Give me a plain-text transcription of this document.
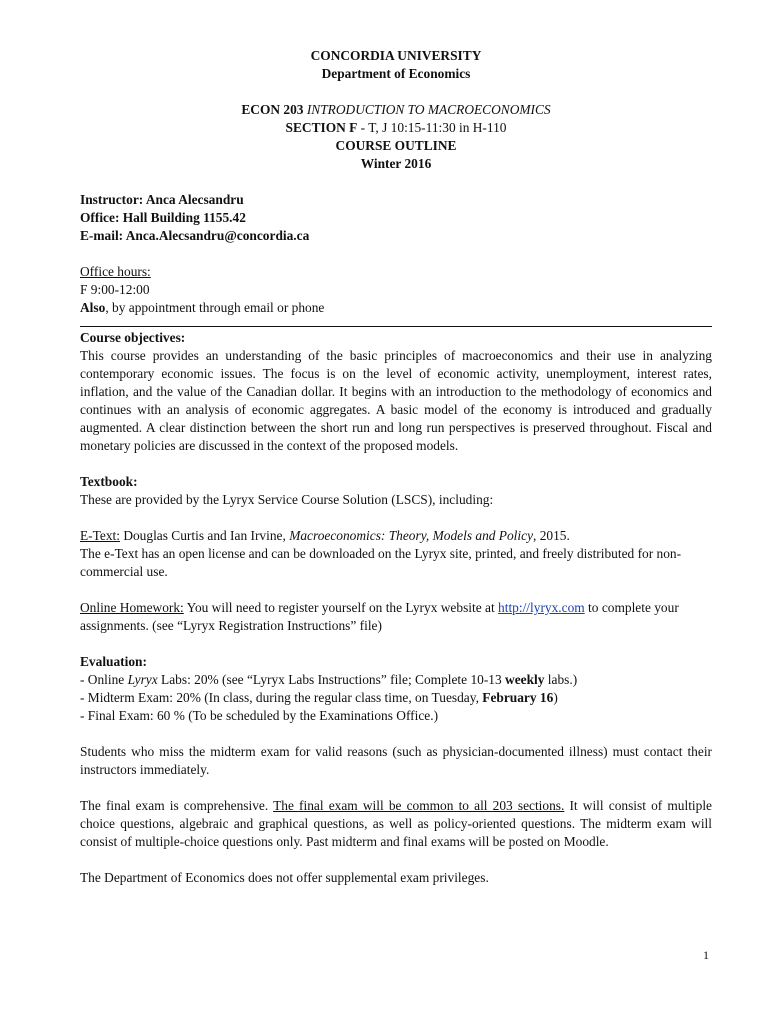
CONCORDIA UNIVERSITY
Department of Economics
ECON 203 INTRODUCTION TO MACROECONOMICS
SECTION F - T, J 10:15-11:30 in H-110
COURSE OUTLINE
Winter 2016
Instructor: Anca Alecsandru
Office: Hall Building 1155.42
E-mail: Anca.Alecsandru@concordia.ca
Office hours:
F 9:00-12:00
Also, by appointment through email or phone
Course objectives:

This course provides an understanding of the basic principles of macroeconomics and their use in analyzing contemporary economic issues. The focus is on the level of economic activity, unemployment, interest rates, inflation, and the value of the Canadian dollar. It begins with an introduction to the methodology of economics and continues with an analysis of economic aggregates. A basic model of the economy is introduced and gradually augmented. A clear distinction between the short run and long run perspectives is preserved throughout. Fiscal and monetary policies are discussed in the context of the proposed models.

Textbook:
These are provided by the Lyryx Service Course Solution (LSCS), including:
E-Text: Douglas Curtis and Ian Irvine, Macroeconomics: Theory, Models and Policy, 2015.

The e-Text has an open license and can be downloaded on the Lyryx site, printed, and freely distributed for non-commercial use.

Online Homework: You will need to register yourself on the Lyryx website at http://lyryx.com to complete your assignments. (see “Lyryx Registration Instructions” file)

Evaluation:
- Online Lyryx Labs: 20% (see “Lyryx Labs Instructions” file; Complete 10-13 weekly labs.)
- Midterm Exam: 20% (In class, during the regular class time, on Tuesday, February 16)
- Final Exam: 60 % (To be scheduled by the Examinations Office.)

Students who miss the midterm exam for valid reasons (such as physician-documented illness) must contact their instructors immediately.

The final exam is comprehensive. The final exam will be common to all 203 sections. It will consist of multiple choice questions, algebraic and graphical questions, as well as policy-oriented questions. The midterm exam will consist of multiple-choice questions only. Past midterm and final exams will be posted on Moodle.

The Department of Economics does not offer supplemental exam privileges.

1
